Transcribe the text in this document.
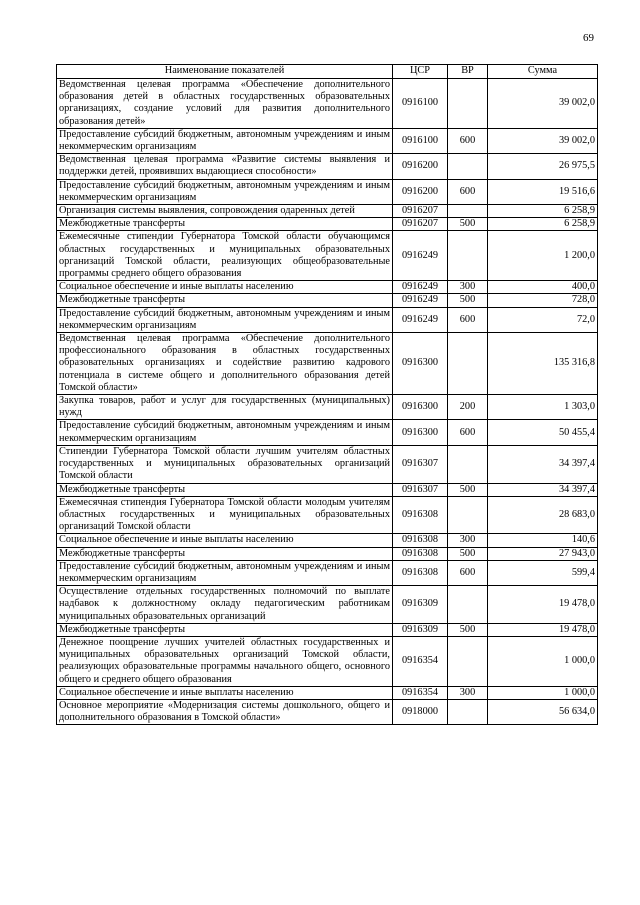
69
Наименование показателей	ЦСР	ВР	Сумма
Ведомственная целевая программа «Обеспечение дополнительного образования детей в областных государственных образовательных организациях, создание условий для развития дополнительного образования детей»	0916100		39 002,0
Предоставление субсидий бюджетным, автономным учреждениям и иным некоммерческим организациям	0916100	600	39 002,0
Ведомственная целевая программа «Развитие системы выявления и поддержки детей, проявивших выдающиеся способности»	0916200		26 975,5
Предоставление субсидий бюджетным, автономным учреждениям и иным некоммерческим организациям	0916200	600	19 516,6
Организация системы выявления, сопровождения одаренных детей	0916207		6 258,9
Межбюджетные трансферты	0916207	500	6 258,9
Ежемесячные стипендии Губернатора Томской области обучающимся областных государственных и муниципальных образовательных организаций Томской области, реализующих общеобразовательные программы среднего общего образования	0916249		1 200,0
Социальное обеспечение и иные выплаты населению	0916249	300	400,0
Межбюджетные трансферты	0916249	500	728,0
Предоставление субсидий бюджетным, автономным учреждениям и иным некоммерческим организациям	0916249	600	72,0
Ведомственная целевая программа «Обеспечение дополнительного профессионального образования в областных государственных образовательных организациях и содействие развитию кадрового потенциала в системе общего и дополнительного образования детей Томской области»	0916300		135 316,8
Закупка товаров, работ и услуг для государственных (муниципальных) нужд	0916300	200	1 303,0
Предоставление субсидий бюджетным, автономным учреждениям и иным некоммерческим организациям	0916300	600	50 455,4
Стипендии Губернатора Томской области лучшим учителям областных государственных и муниципальных образовательных организаций Томской области	0916307		34 397,4
Межбюджетные трансферты	0916307	500	34 397,4
Ежемесячная стипендия Губернатора Томской области молодым учителям областных государственных и муниципальных образовательных организаций Томской области	0916308		28 683,0
Социальное обеспечение и иные выплаты населению	0916308	300	140,6
Межбюджетные трансферты	0916308	500	27 943,0
Предоставление субсидий бюджетным, автономным учреждениям и иным некоммерческим организациям	0916308	600	599,4
Осуществление отдельных государственных полномочий по выплате надбавок к должностному окладу педагогическим работникам муниципальных образовательных организаций	0916309		19 478,0
Межбюджетные трансферты	0916309	500	19 478,0
Денежное поощрение лучших учителей областных государственных и муниципальных образовательных организаций Томской области, реализующих образовательные программы начального общего, основного общего и среднего общего образования	0916354		1 000,0
Социальное обеспечение и иные выплаты населению	0916354	300	1 000,0
Основное мероприятие «Модернизация системы дошкольного, общего и дополнительного образования в Томской области»	0918000		56 634,0
